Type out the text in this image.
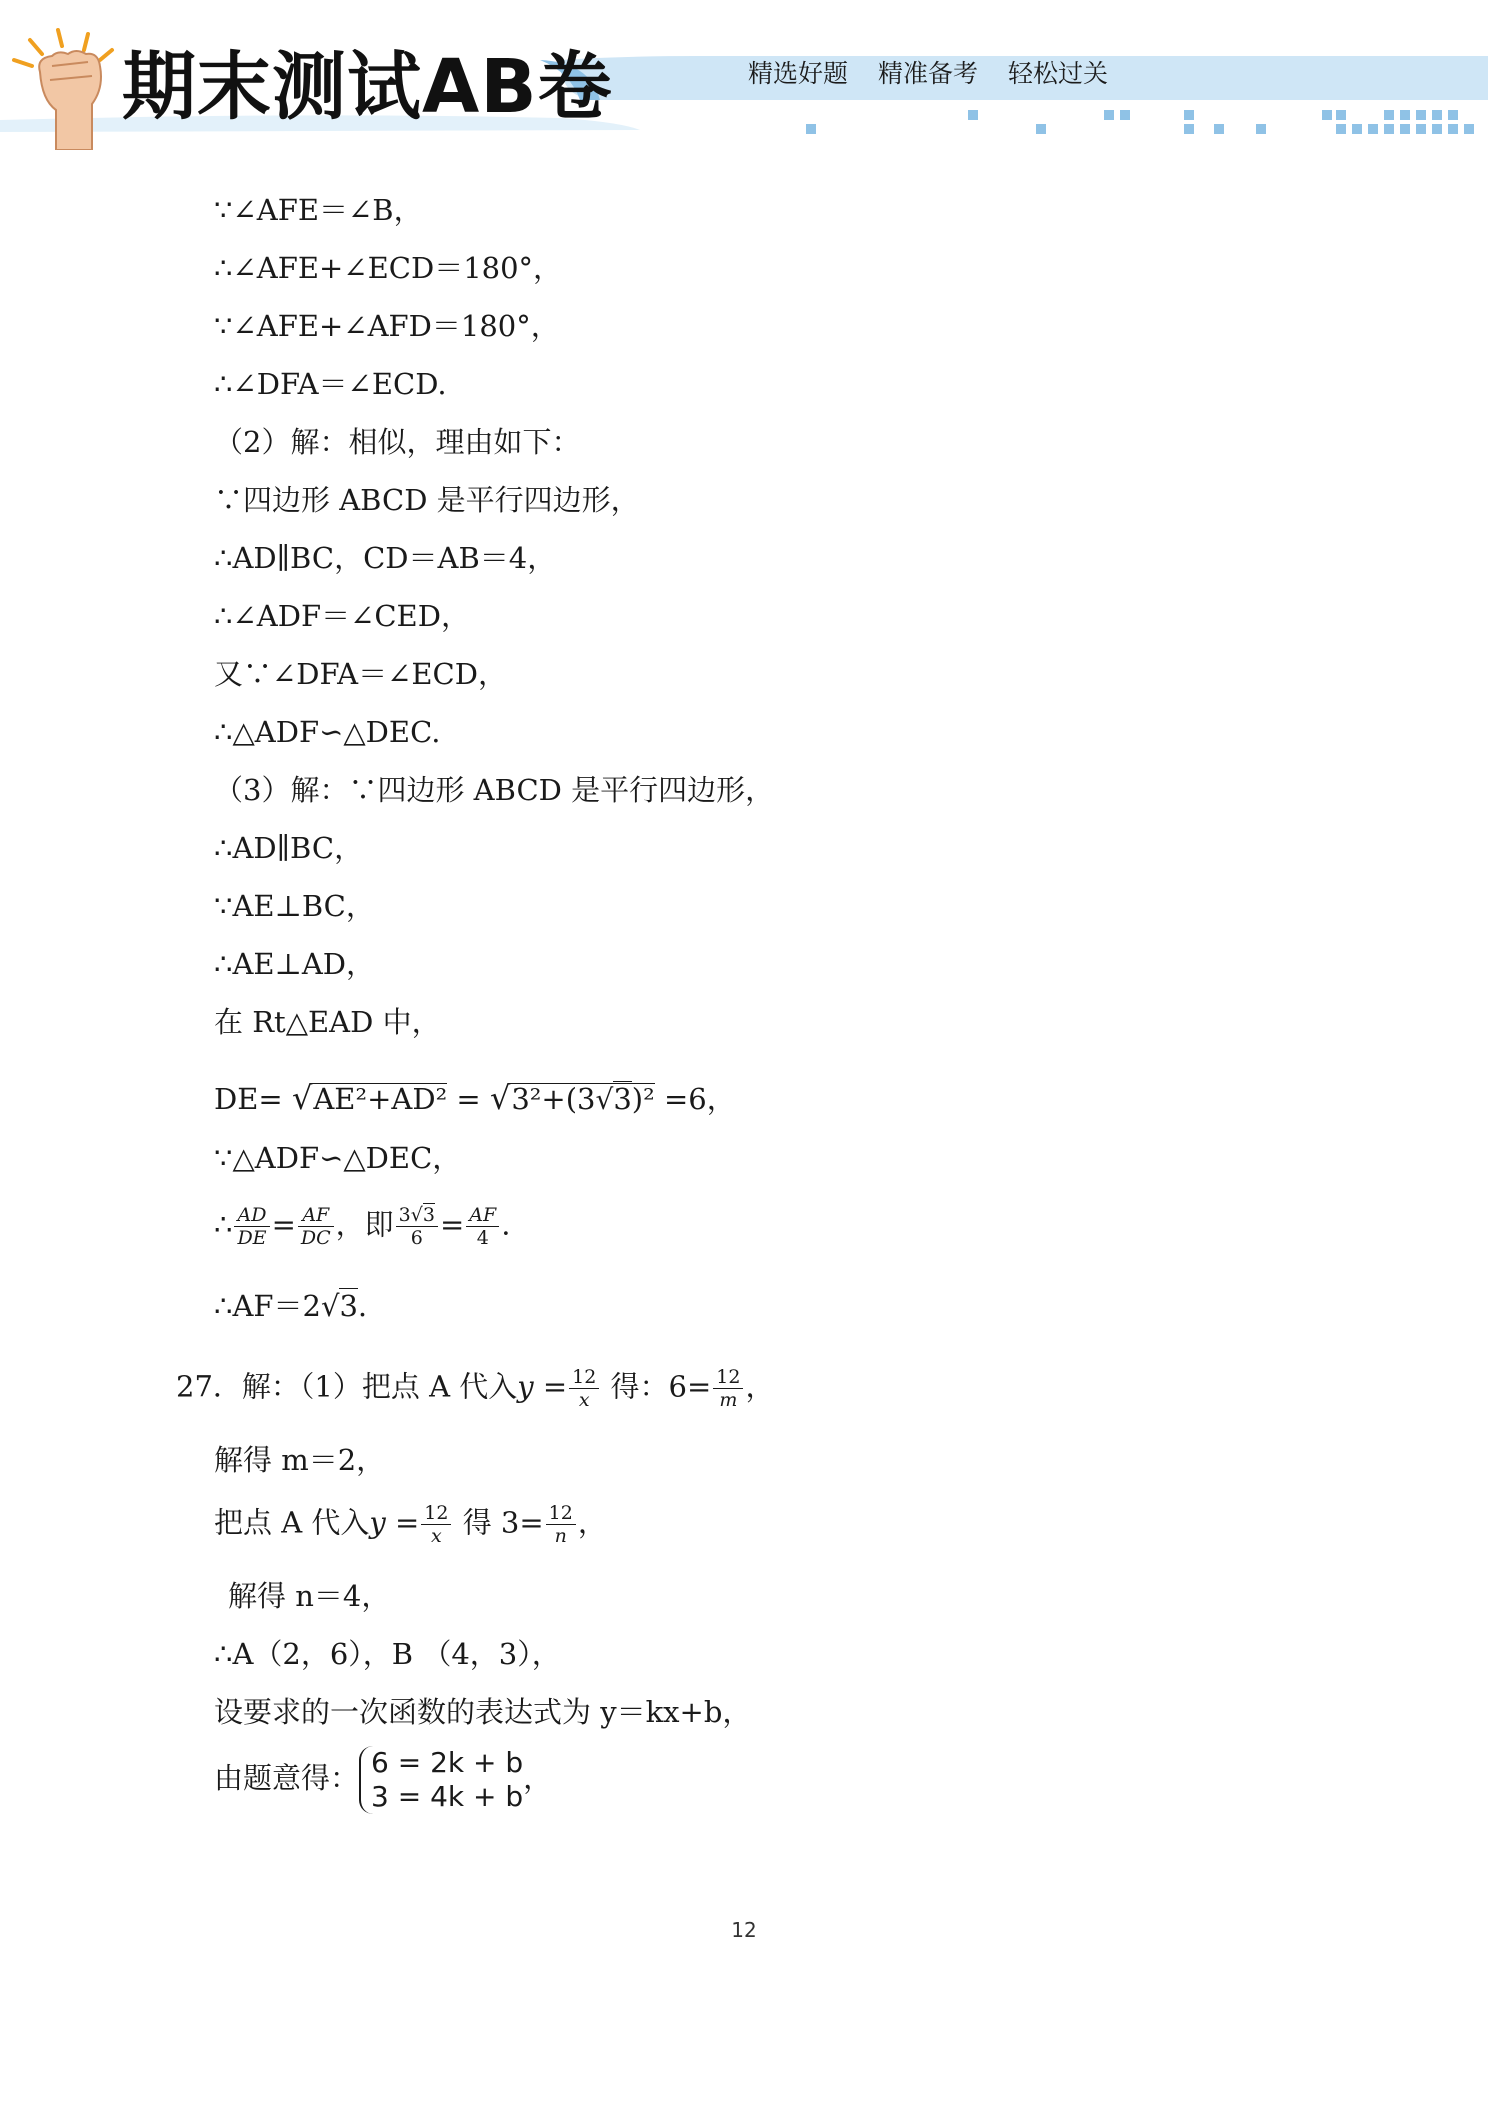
期末测试AB卷	精选好题 精准备考 轻松过关
∵∠AFE＝∠B，
∴∠AFE+∠ECD＝180°，
∵∠AFE+∠AFD＝180°，
∴∠DFA＝∠ECD.
（2）解：相似，理由如下：
∵四边形 ABCD 是平行四边形，
∴AD∥BC，CD＝AB＝4，
∴∠ADF＝∠CED，
又∵∠DFA＝∠ECD，
∴△ADF∽△DEC.
（3）解：∵四边形 ABCD 是平行四边形，
∴AD∥BC，
∵AE⊥BC，
∴AE⊥AD，
在 Rt△EAD 中，
DE= √AE²+AD² = √3²+(3√3)² =6，
∵△ADF∽△DEC，
∴ $\frac{AD}{DE} = \frac{AF}{DC}$ ，即 $\frac{3√3}{6} = \frac{AF}{4}$ .
∴AF＝2√3.
27．解：（1）把点 A 代入$y = \frac{12}{x}$ 得：$6= \frac{12}{m}$ ，
解得 m＝2，
把点 A 代入$y = \frac{12}{x}$ 得 $3= \frac{12}{n}$ ，
解得 n＝4，
∴A（2，6），B （4，3），
设要求的一次函数的表达式为 y＝kx+b，
由题意得： 6 = 2k + b
3 = 4k + b
，
12
